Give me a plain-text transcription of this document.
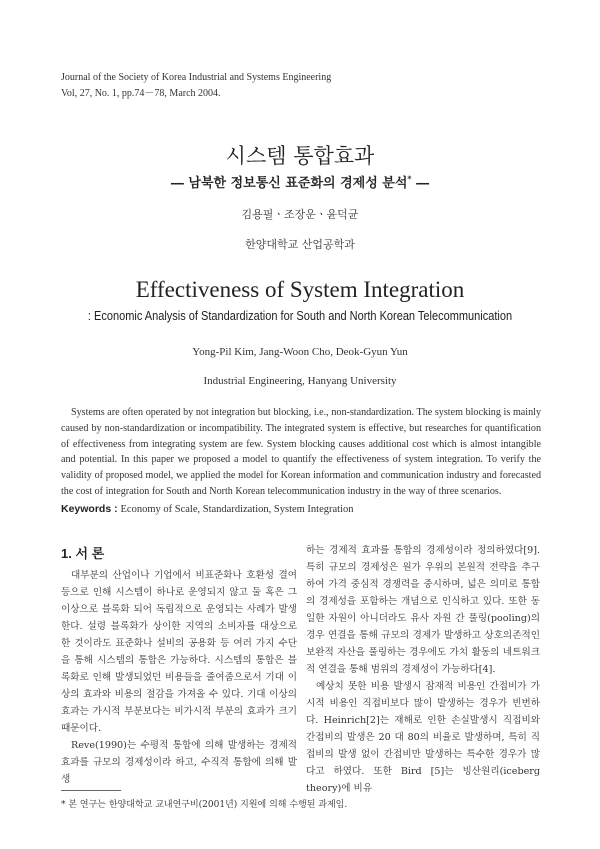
Journal of the Society of Korea Industrial and Systems Engineering
Vol, 27, No. 1, pp.74－78, March 2004.
시스템 통합효과
― 남북한 정보통신 표준화의 경제성 분석* ―
김용필ㆍ조장운ㆍ윤덕균
한양대학교 산업공학과
Effectiveness of System Integration
: Economic Analysis of Standardization for South and North Korean Telecommunication
Yong-Pil Kim, Jang-Woon Cho, Deok-Gyun Yun
Industrial Engineering, Hanyang University
Systems are often operated by not integration but blocking, i.e., non-standardization. The system blocking is mainly caused by non-standardization or incompatibility. The integrated system is effective, but researches for quantification of effectiveness from integrating system are few. System blocking causes additional cost which is almost intangible and potential. In this paper we proposed a model to quantify the effectiveness of system integration. To verify the validity of proposed model, we applied the model for Korean information and communication industry and forecasted the cost of integration for South and North Korean telecommunication industry in the way of three scenarios.
Keywords : Economy of Scale, Standardization, System Integration
1. 서 론

대부분의 산업이나 기업에서 비표준화나 호환성 결여 등으로 인해 시스템이 하나로 운영되지 않고 둘 혹은 그 이상으로 블록화 되어 독립적으로 운영되는 사례가 발생한다. 설령 블록화가 상이한 지역의 소비자를 대상으로 한 것이라도 표준화나 설비의 공용화 등 여러 가지 수단을 통해 시스템의 통합은 가능하다. 시스템의 통합은 블록화로 인해 발생되었던 비용들을 줄여줌으로서 기대 이상의 효과와 비용의 절감을 가져올 수 있다. 기대 이상의 효과는 가시적 부분보다는 비가시적 부분의 효과가 크기 때문이다.

Reve(1990)는 수평적 통합에 의해 발생하는 경제적 효과를 규모의 경제성이라 하고, 수직적 통합에 의해 발생

하는 경제적 효과를 통합의 경제성이라 정의하였다[9]. 특히 규모의 경제성은 원가 우위의 본원적 전략을 추구하여 가격 중심적 경쟁력을 중시하며, 넓은 의미로 통합의 경제성을 포함하는 개념으로 인식하고 있다. 또한 동일한 자원이 아니더라도 유사 자원 간 풀링(pooling)의 경우 연결을 통해 규모의 경제가 발생하고 상호의존적인 보완적 자산을 풀링하는 경우에도 가치 활동의 네트워크적 연결을 통해 범위의 경제성이 가능하다[4].

예상치 못한 비용 발생시 잠재적 비용인 간접비가 가시적 비용인 직접비보다 많이 발생하는 경우가 빈번하다. Heinrich[2]는 재해로 인한 손실발생시 직접비와 간접비의 발생은 20 대 80의 비율로 발생하며, 특히 직접비의 발생 없이 간접비만 발생하는 특수한 경우가 많다고 하였다. 또한 Bird [5]는 빙산원리(iceberg theory)에 비유

* 본 연구는 한양대학교 교내연구비(2001년) 지원에 의해 수행된 과제임.
